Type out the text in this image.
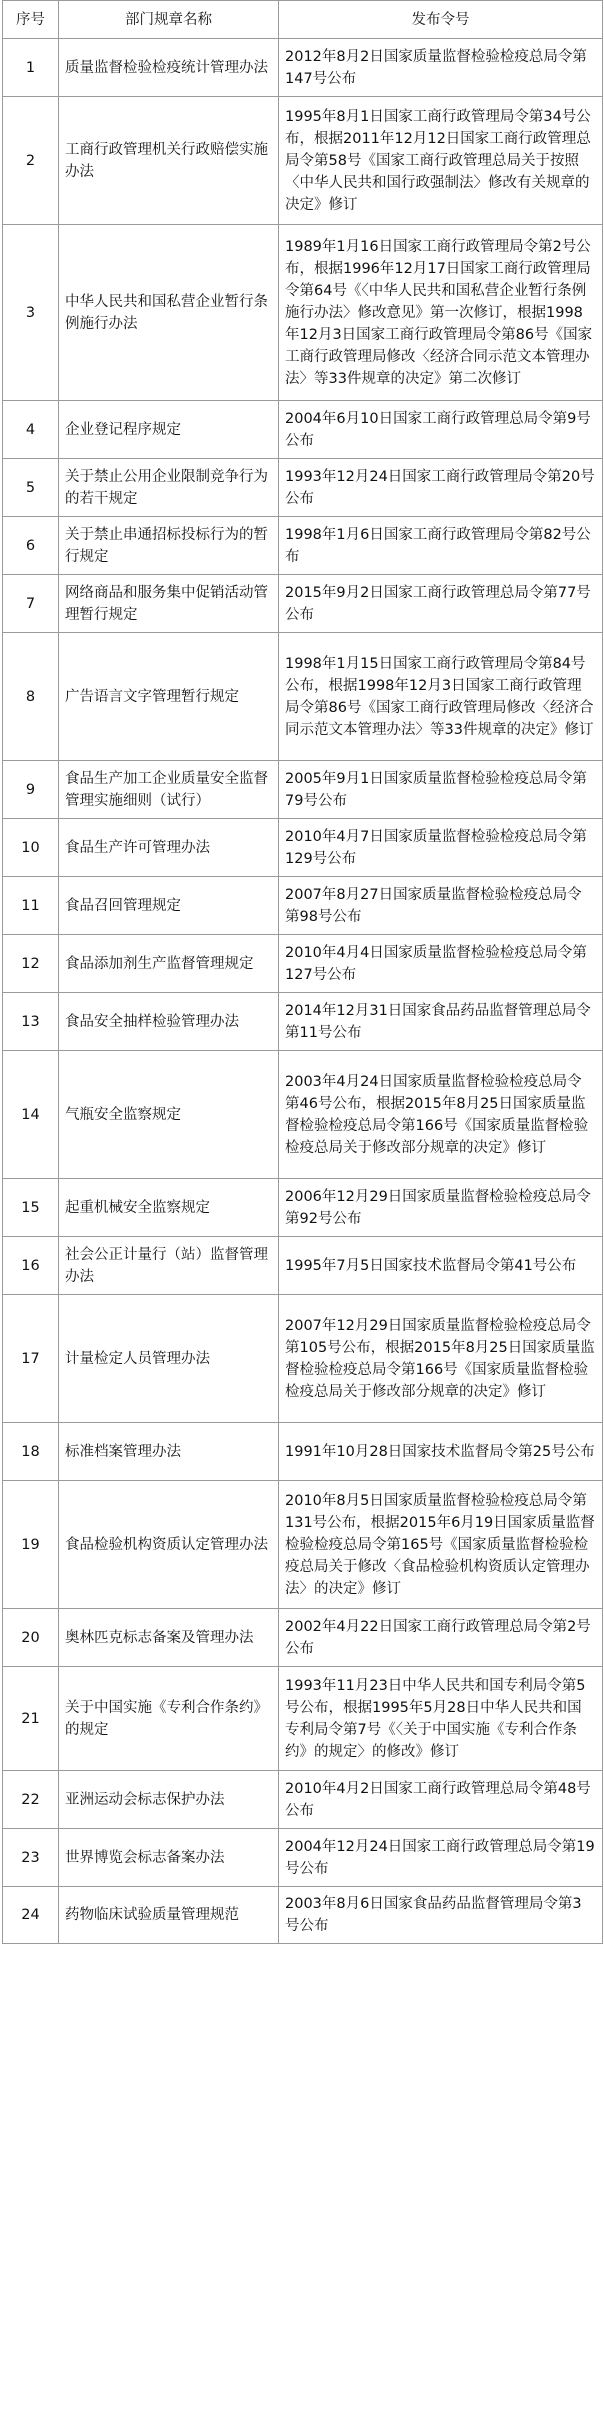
序号	部门规章名称	发布令号
1	质量监督检验检疫统计管理办法	2012年8月2日国家质量监督检验检疫总局令第147号公布
2	工商行政管理机关行政赔偿实施办法	1995年8月1日国家工商行政管理局令第34号公布，根据2011年12月12日国家工商行政管理总局令第58号《国家工商行政管理总局关于按照〈中华人民共和国行政强制法〉修改有关规章的决定》修订
3	中华人民共和国私营企业暂行条例施行办法	1989年1月16日国家工商行政管理局令第2号公布，根据1996年12月17日国家工商行政管理局令第64号《〈中华人民共和国私营企业暂行条例施行办法〉修改意见》第一次修订，根据1998年12月3日国家工商行政管理局令第86号《国家工商行政管理局修改〈经济合同示范文本管理办法〉等33件规章的决定》第二次修订
4	企业登记程序规定	2004年6月10日国家工商行政管理总局令第9号公布
5	关于禁止公用企业限制竞争行为的若干规定	1993年12月24日国家工商行政管理局令第20号公布
6	关于禁止串通招标投标行为的暂行规定	1998年1月6日国家工商行政管理局令第82号公布
7	网络商品和服务集中促销活动管理暂行规定	2015年9月2日国家工商行政管理总局令第77号公布
8	广告语言文字管理暂行规定	1998年1月15日国家工商行政管理局令第84号公布，根据1998年12月3日国家工商行政管理局令第86号《国家工商行政管理局修改〈经济合同示范文本管理办法〉等33件规章的决定》修订
9	食品生产加工企业质量安全监督管理实施细则（试行）	2005年9月1日国家质量监督检验检疫总局令第79号公布
10	食品生产许可管理办法	2010年4月7日国家质量监督检验检疫总局令第129号公布
11	食品召回管理规定	2007年8月27日国家质量监督检验检疫总局令第98号公布
12	食品添加剂生产监督管理规定	2010年4月4日国家质量监督检验检疫总局令第127号公布
13	食品安全抽样检验管理办法	2014年12月31日国家食品药品监督管理总局令第11号公布
14	气瓶安全监察规定	2003年4月24日国家质量监督检验检疫总局令第46号公布，根据2015年8月25日国家质量监督检验检疫总局令第166号《国家质量监督检验检疫总局关于修改部分规章的决定》修订
15	起重机械安全监察规定	2006年12月29日国家质量监督检验检疫总局令第92号公布
16	社会公正计量行（站）监督管理办法	1995年7月5日国家技术监督局令第41号公布
17	计量检定人员管理办法	2007年12月29日国家质量监督检验检疫总局令第105号公布，根据2015年8月25日国家质量监督检验检疫总局令第166号《国家质量监督检验检疫总局关于修改部分规章的决定》修订
18	标准档案管理办法	1991年10月28日国家技术监督局令第25号公布
19	食品检验机构资质认定管理办法	2010年8月5日国家质量监督检验检疫总局令第131号公布，根据2015年6月19日国家质量监督检验检疫总局令第165号《国家质量监督检验检疫总局关于修改〈食品检验机构资质认定管理办法〉的决定》修订
20	奥林匹克标志备案及管理办法	2002年4月22日国家工商行政管理总局令第2号公布
21	关于中国实施《专利合作条约》的规定	1993年11月23日中华人民共和国专利局令第5号公布，根据1995年5月28日中华人民共和国专利局令第7号《〈关于中国实施《专利合作条约》的规定〉的修改》修订
22	亚洲运动会标志保护办法	2010年4月2日国家工商行政管理总局令第48号公布
23	世界博览会标志备案办法	2004年12月24日国家工商行政管理总局令第19号公布
24	药物临床试验质量管理规范	2003年8月6日国家食品药品监督管理局令第3号公布
